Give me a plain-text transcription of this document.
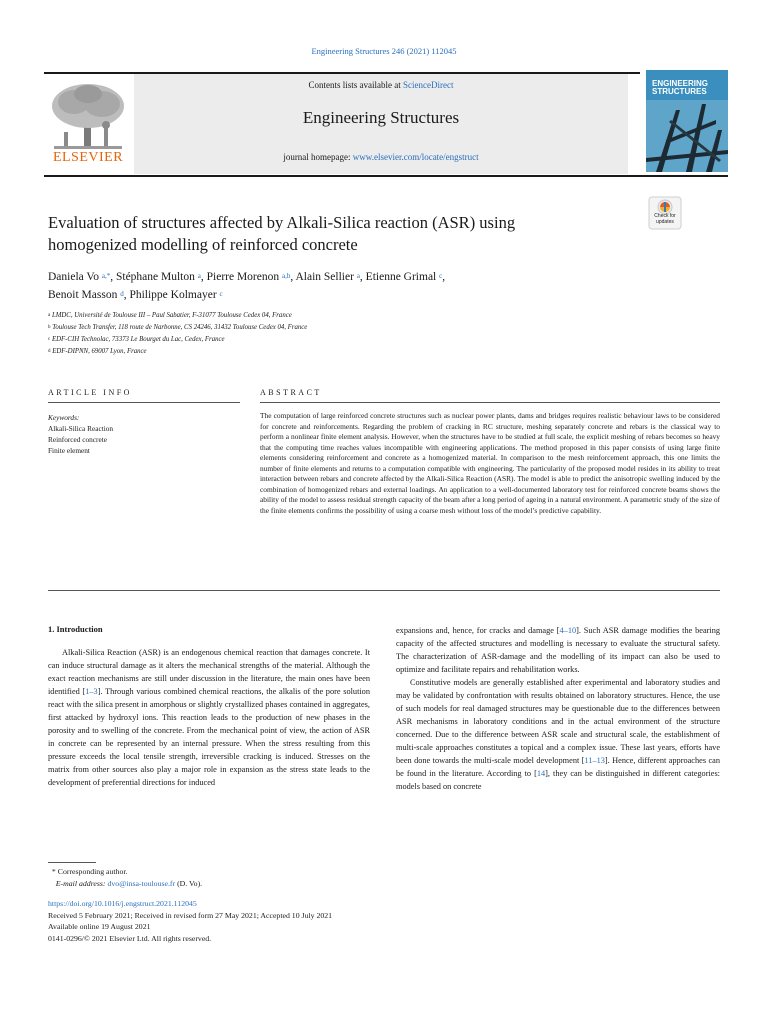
Engineering Structures 246 (2021) 112045
Contents lists available at ScienceDirect
Engineering Structures
journal homepage: www.elsevier.com/locate/engstruct
ELSEVIER
ENGINEERING
STRUCTURES
Check for
updates
Evaluation of structures affected by Alkali-Silica reaction (ASR) using
homogenized modelling of reinforced concrete
Daniela Vo $^{a,*}$, Stéphane Multon $^a$, Pierre Morenon $^{a,b}$, Alain Sellier $^a$, Etienne Grimal $^c$,
Benoit Masson $^d$, Philippe Kolmayer $^c$
$^a$ LMDC, Université de Toulouse III – Paul Sabatier, F-31077 Toulouse Cedex 04, France
$^b$ Toulouse Tech Transfer, 118 route de Narbonne, CS 24246, 31432 Toulouse Cedex 04, France
$^c$ EDF-CIH Technolac, 73373 Le Bourget du Lac, Cedex, France
$^d$ EDF-DIPNN, 69007 Lyon, France
ARTICLE INFO	ABSTRACT
Keywords:
Alkali-Silica Reaction
Reinforced concrete
Finite element
The computation of large reinforced concrete structures such as nuclear power plants, dams and bridges requires realistic behaviour laws to be considered for concrete and reinforcements. Regarding the problem of cracking in RC structure, meshing separately concrete and rebars is the classical way to perform a nonlinear finite element analysis. However, when the structures have to be studied at full scale, the explicit meshing of rebars becomes so heavy that the computing time reaches values incompatible with engineering applications. The method proposed in this paper consists of using large finite elements considering reinforcement and concrete as a homogenized material. In comparison to the mesh reinforcement approach, this one limits the number of finite elements and returns to a computation compatible with engineering. The particularity of the proposed model resides in its ability to treat interaction between rebars and concrete affected by the Alkali-Silica Reaction (ASR). The model is able to predict the anisotropic swelling induced by the combination of homogenized rebars and external loadings. An application to a well-documented laboratory test for reinforced concrete beams shows the ability of the model to assess residual strength capacity of the beam after a long period of ageing in a natural environment. A parametric study of the size of the finite elements confirms the possibility of using a coarse mesh without loss of the model’s predictive capability.
1. Introduction

Alkali-Silica Reaction (ASR) is an endogenous chemical reaction that damages concrete. It can induce structural damage as it alters the mechanical strengths of the material. Although the exact reaction mechanisms are still under discussion in the literature, the main ones have been identified [1–3]. Through various combined chemical reactions, the alkalis of the pore solution react with the silica present in amorphous or slightly crystallized phases contained in aggregates, first attacked by hydroxyl ions. This reaction leads to the production of new phases in the porosity and to swelling of the concrete. From the mechanical point of view, the action of ASR in concrete can be represented by an internal pressure. When the stress resulting from this pressure exceeds the local tensile strength, irreversible cracking is induced. Stresses on the matrix from other sources also play a major role in expansion as the stress state leads to the development of preferential directions for induced

expansions and, hence, for cracks and damage [4–10]. Such ASR damage modifies the bearing capacity of the affected structures and modelling is necessary to evaluate the structural safety. The characterization of ASR-damage and the modelling of its impact can also be used to optimize and facilitate repairs and rehabilitation works.

Constitutive models are generally established after experimental and laboratory studies and may be validated by confrontation with results obtained on laboratory structures. Hence, the use of such models for real damaged structures may be questionable due to the differences between ASR mechanisms in laboratory conditions and in the actual environment of the structure concerned. Due to the difference between ASR scale and structural scale, the establishment of multi-scale approaches constitutes a topical and a complex issue. These last years, efforts have been done towards the multi-scale model development [11–13]. Hence, different approaches can be found in the literature. According to [14], they can be distinguished in different categories: models based on concrete

* Corresponding author.
E-mail address: dvo@insa-toulouse.fr (D. Vo).
https://doi.org/10.1016/j.engstruct.2021.112045
Received 5 February 2021; Received in revised form 27 May 2021; Accepted 10 July 2021
Available online 19 August 2021
0141-0296/© 2021 Elsevier Ltd. All rights reserved.
